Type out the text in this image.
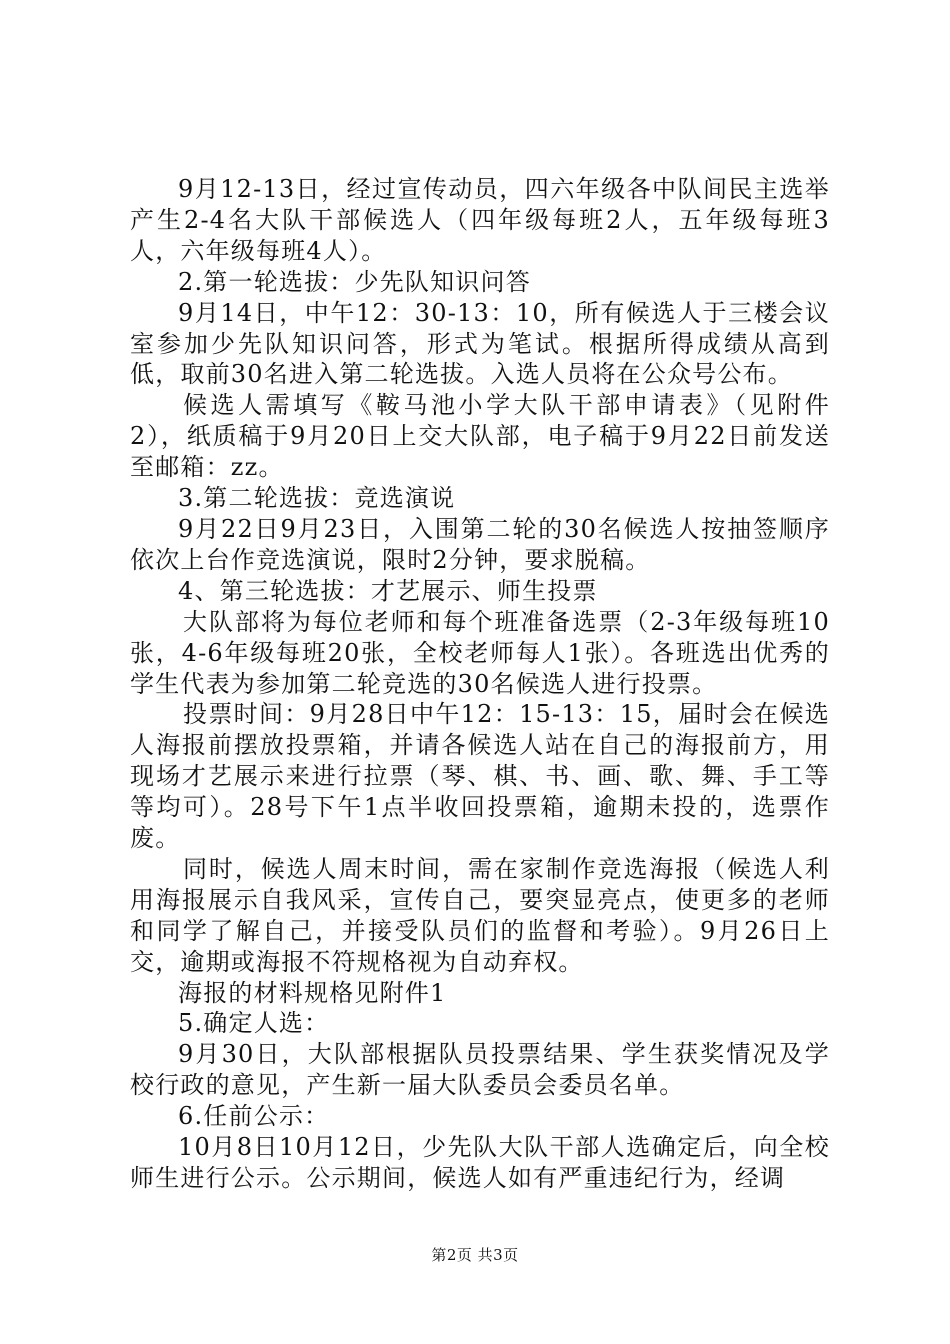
9月12-13日，经过宣传动员，四六年级各中队间民主选举产生2-4名大队干部候选人（四年级每班2人，五年级每班3人，六年级每班4人）。

2.第一轮选拔：少先队知识问答

9月14日，中午12：30-13：10，所有候选人于三楼会议室参加少先队知识问答，形式为笔试。根据所得成绩从高到低，取前30名进入第二轮选拔。入选人员将在公众号公布。

候选人需填写《鞍马池小学大队干部申请表》（见附件2），纸质稿于9月20日上交大队部，电子稿于9月22日前发送至邮箱：zz。

3.第二轮选拔：竞选演说

9月22日9月23日，入围第二轮的30名候选人按抽签顺序依次上台作竞选演说，限时2分钟，要求脱稿。

4、第三轮选拔：才艺展示、师生投票

大队部将为每位老师和每个班准备选票（2-3年级每班10张，4-6年级每班20张，全校老师每人1张）。各班选出优秀的学生代表为参加第二轮竞选的30名候选人进行投票。

投票时间：9月28日中午12：15-13：15，届时会在候选人海报前摆放投票箱，并请各候选人站在自己的海报前方，用现场才艺展示来进行拉票（琴、棋、书、画、歌、舞、手工等等均可）。28号下午1点半收回投票箱，逾期未投的，选票作废。

同时，候选人周末时间，需在家制作竞选海报（候选人利用海报展示自我风采，宣传自己，要突显亮点，使更多的老师和同学了解自己，并接受队员们的监督和考验）。9月26日上交，逾期或海报不符规格视为自动弃权。

海报的材料规格见附件1

5.确定人选：

9月30日，大队部根据队员投票结果、学生获奖情况及学校行政的意见，产生新一届大队委员会委员名单。

6.任前公示：

10月8日10月12日，少先队大队干部人选确定后，向全校师生进行公示。公示期间，候选人如有严重违纪行为，经调

第2页 共3页
